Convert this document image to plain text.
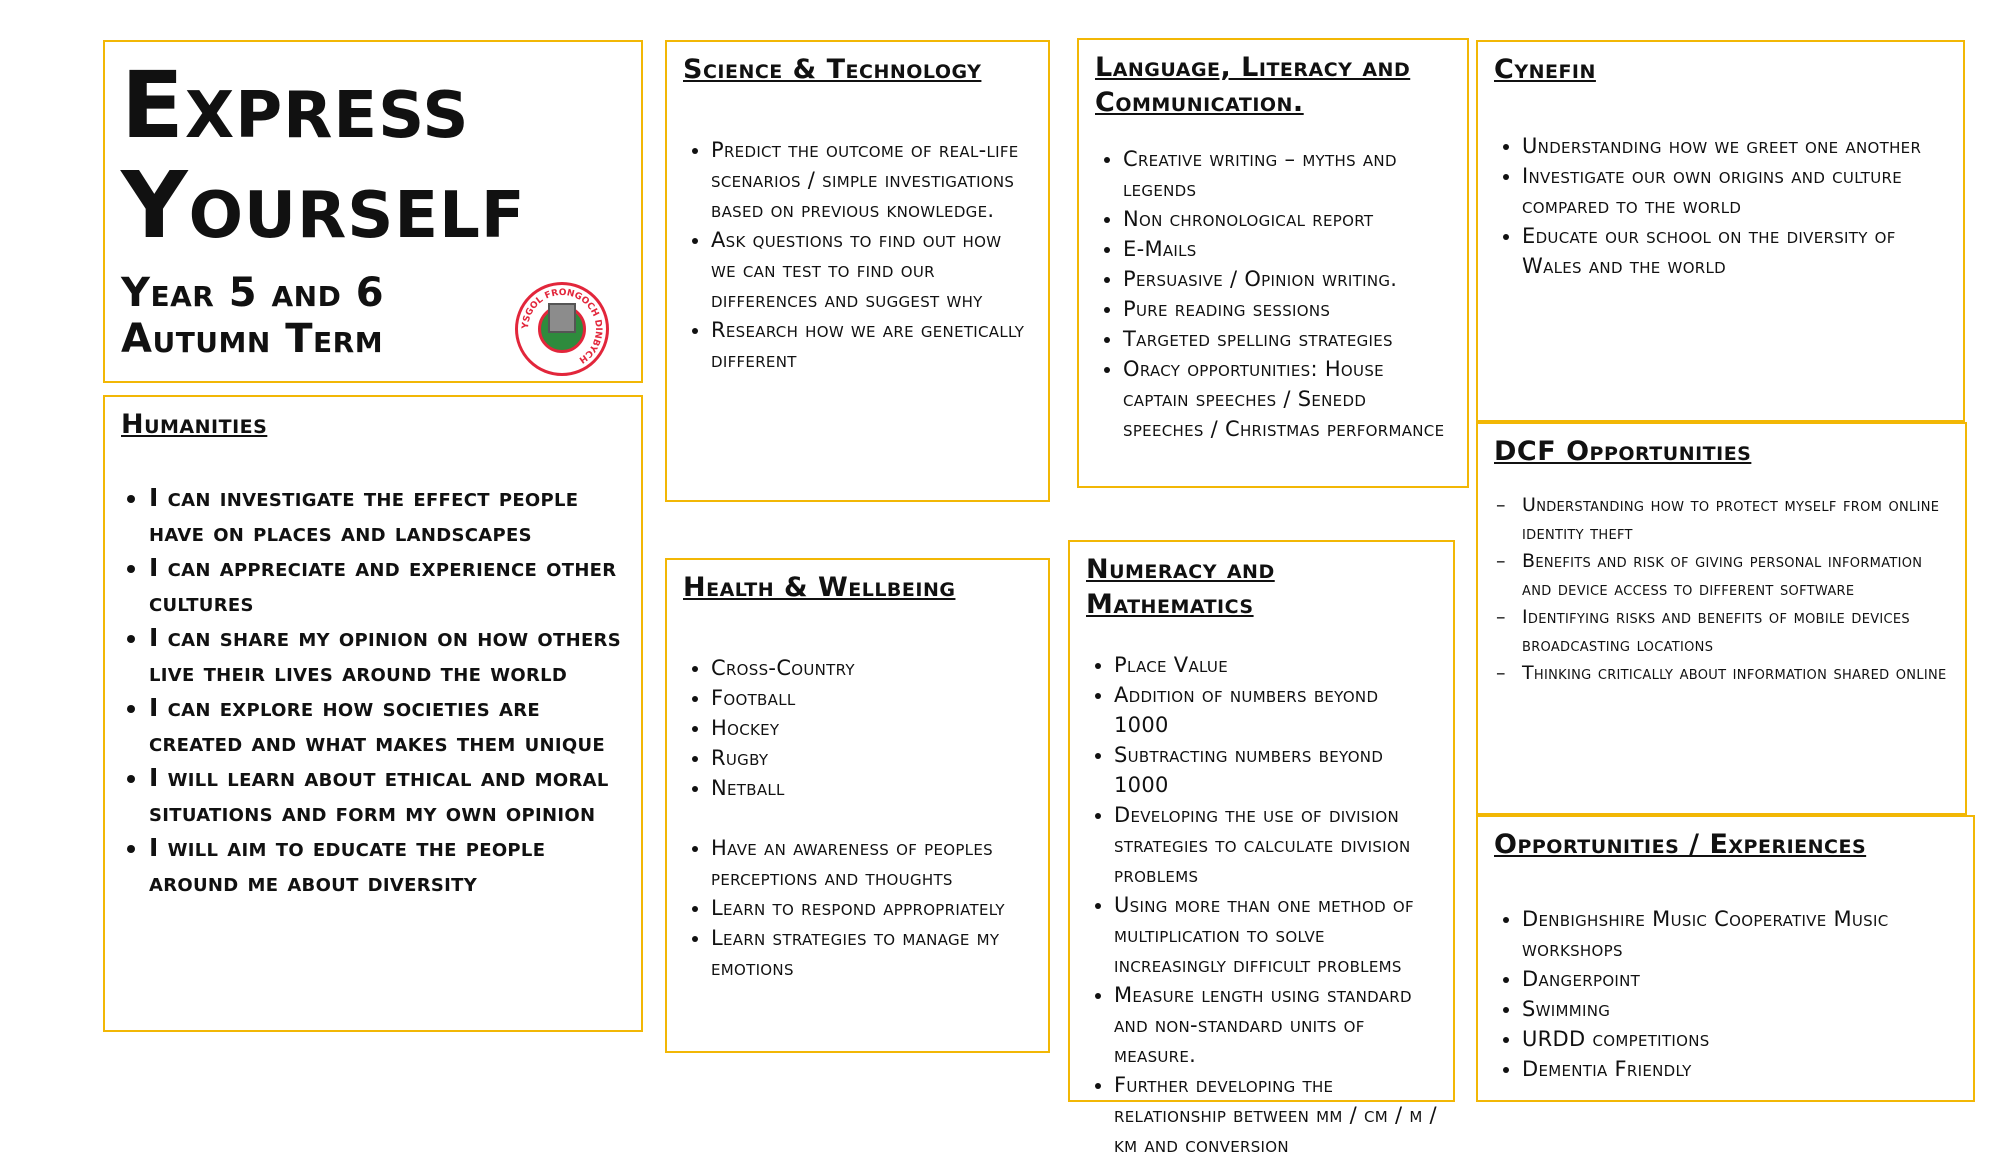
Express
Yourself
Year 5 and 6
Autumn Term	YSGOL FRONGOCH DINBYCH
Humanities
• I can investigate the effect people have on places and landscapes
• I can appreciate and experience other cultures
• I can share my opinion on how others live their lives around the world
• I can explore how societies are created and what makes them unique
• I will learn about ethical and moral situations and form my own opinion
• I will aim to educate the people around me about diversity
Science & Technology
• Predict the outcome of real-life scenarios / simple investigations based on previous knowledge.
• Ask questions to find out how we can test to find our differences and suggest why
• Research how we are genetically different
Health & Wellbeing
• Cross-Country
• Football
• Hockey
• Rugby
• Netball
• Have an awareness of peoples perceptions and thoughts
• Learn to respond appropriately
• Learn strategies to manage my emotions
Language, Literacy and
Communication.
• Creative writing – myths and legends
• Non chronological report
• E-Mails
• Persuasive / Opinion writing.
• Pure reading sessions
• Targeted spelling strategies
• Oracy opportunities: House captain speeches / Senedd speeches / Christmas performance
Numeracy and Mathematics
• Place Value
• Addition of numbers beyond 1000
• Subtracting numbers beyond 1000
• Developing the use of division strategies to calculate division problems
• Using more than one method of multiplication to solve increasingly difficult problems
• Measure length using standard and non-standard units of measure.
• Further developing the relationship between mm / cm / m / km and conversion
Cynefin
• Understanding how we greet one another
• Investigate our own origins and culture compared to the world
• Educate our school on the diversity of Wales and the world
DCF Opportunities
– Understanding how to protect myself from online identity theft
– Benefits and risk of giving personal information and device access to different software
– Identifying risks and benefits of mobile devices broadcasting locations
– Thinking critically about information shared online
Opportunities / Experiences
• Denbighshire Music Cooperative Music workshops
• Dangerpoint
• Swimming
• URDD competitions
• Dementia Friendly
